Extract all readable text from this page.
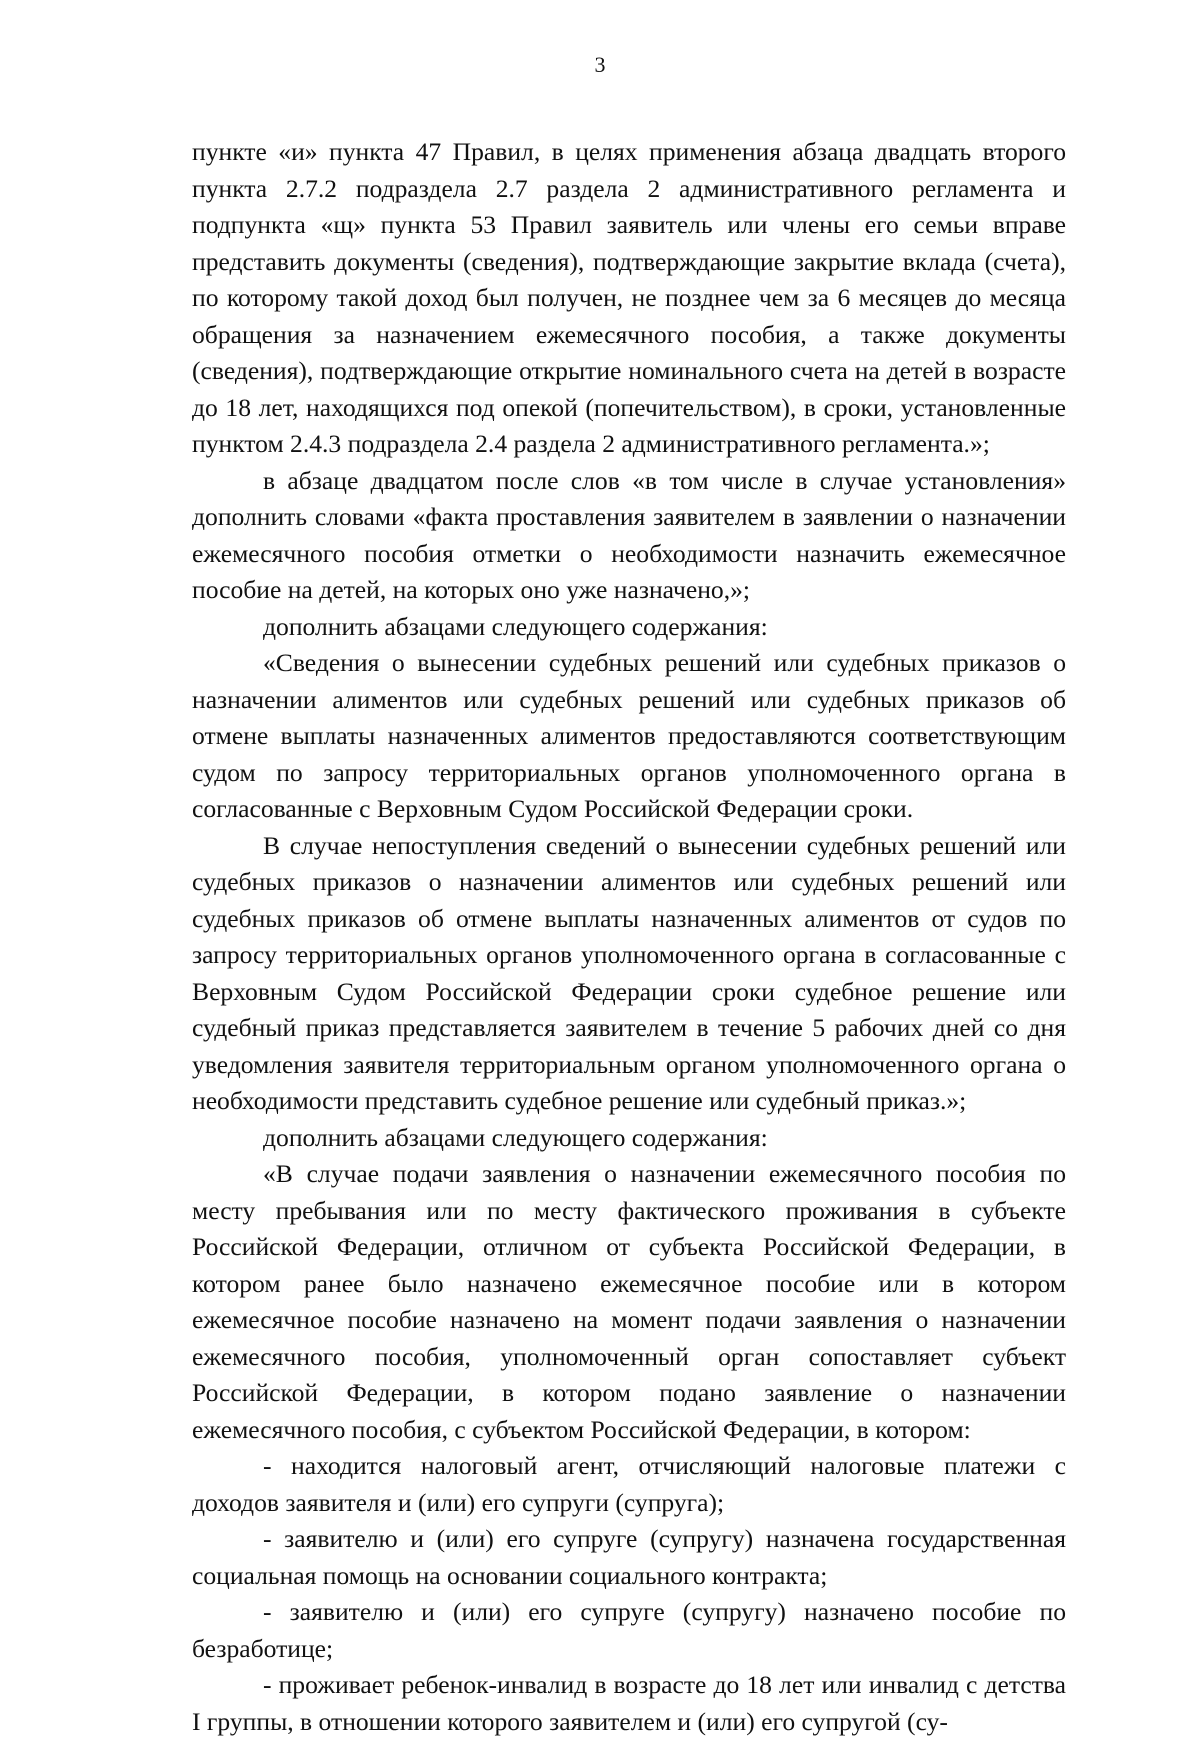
3

пункте «и» пункта 47 Правил, в целях применения абзаца двадцать второго пункта 2.7.2 подраздела 2.7 раздела 2 административного регламента и подпункта «щ» пункта 53 Правил заявитель или члены его семьи вправе представить документы (сведения), подтверждающие закрытие вклада (счета), по которому такой доход был получен, не позднее чем за 6 месяцев до месяца обращения за назначением ежемесячного пособия, а также документы (сведения), подтверждающие открытие номинального счета на детей в возрасте до 18 лет, находящихся под опекой (попечительством), в сроки, установленные пунктом 2.4.3 подраздела 2.4 раздела 2 административного регламента.»;

в абзаце двадцатом после слов «в том числе в случае установления» дополнить словами «факта проставления заявителем в заявлении о назначении ежемесячного пособия отметки о необходимости назначить ежемесячное пособие на детей, на которых оно уже назначено,»;

дополнить абзацами следующего содержания:

«Сведения о вынесении судебных решений или судебных приказов о назначении алиментов или судебных решений или судебных приказов об отмене выплаты назначенных алиментов предоставляются соответствующим судом по запросу территориальных органов уполномоченного органа в согласованные с Верховным Судом Российской Федерации сроки.

В случае непоступления сведений о вынесении судебных решений или судебных приказов о назначении алиментов или судебных решений или судебных приказов об отмене выплаты назначенных алиментов от судов по запросу территориальных органов уполномоченного органа в согласованные с Верховным Судом Российской Федерации сроки судебное решение или судебный приказ представляется заявителем в течение 5 рабочих дней со дня уведомления заявителя территориальным органом уполномоченного органа о необходимости представить судебное решение или судебный приказ.»;

дополнить абзацами следующего содержания:

«В случае подачи заявления о назначении ежемесячного пособия по месту пребывания или по месту фактического проживания в субъекте Российской Федерации, отличном от субъекта Российской Федерации, в котором ранее было назначено ежемесячное пособие или в котором ежемесячное пособие назначено на момент подачи заявления о назначении ежемесячного пособия, уполномоченный орган сопоставляет субъект Российской Федерации, в котором подано заявление о назначении ежемесячного пособия, с субъектом Российской Федерации, в котором:

- находится налоговый агент, отчисляющий налоговые платежи с доходов заявителя и (или) его супруги (супруга);

- заявителю и (или) его супруге (супругу) назначена государственная социальная помощь на основании социального контракта;

- заявителю и (или) его супруге (супругу) назначено пособие по безработице;

- проживает ребенок-инвалид в возрасте до 18 лет или инвалид с детства I группы, в отношении которого заявителем и (или) его супругой (су-
